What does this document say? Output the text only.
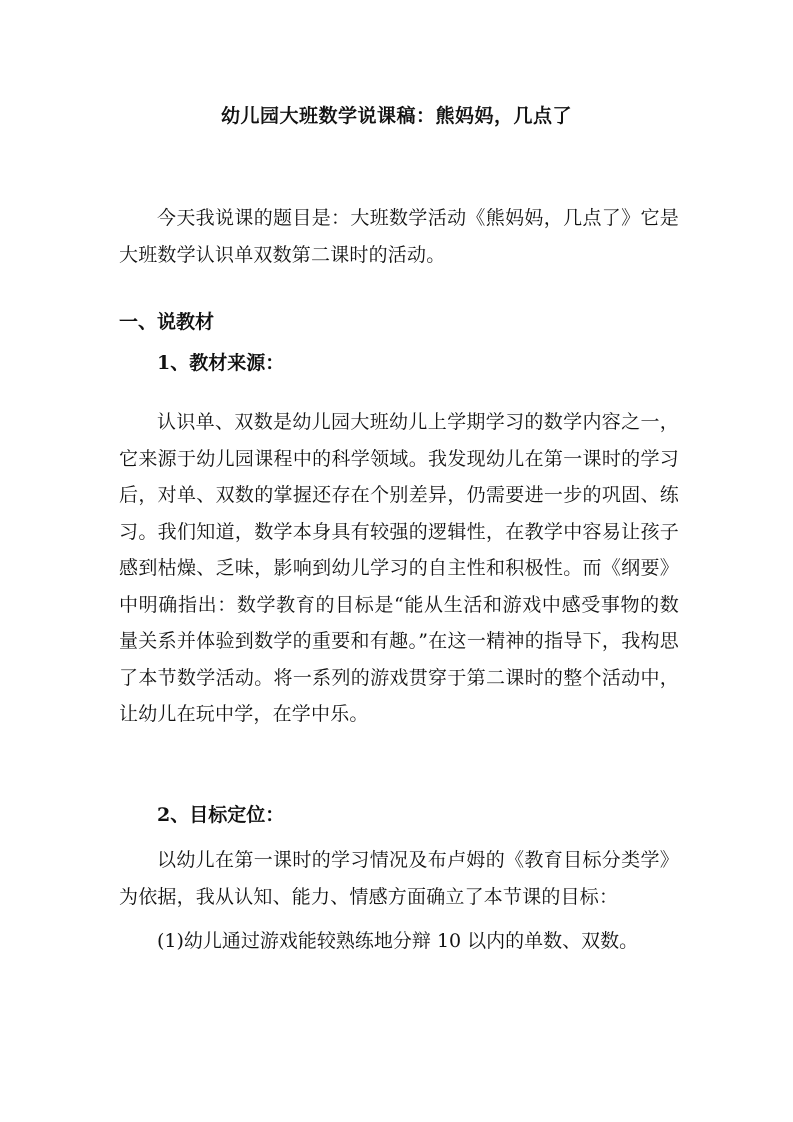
幼儿园大班数学说课稿：熊妈妈，几点了

今天我说课的题目是：大班数学活动《熊妈妈，几点了》它是大班数学认识单双数第二课时的活动。

一、说教材
1、教材来源：

认识单、双数是幼儿园大班幼儿上学期学习的数学内容之一，它来源于幼儿园课程中的科学领域。我发现幼儿在第一课时的学习后，对单、双数的掌握还存在个别差异，仍需要进一步的巩固、练习。我们知道，数学本身具有较强的逻辑性，在教学中容易让孩子感到枯燥、乏味，影响到幼儿学习的自主性和积极性。而《纲要》中明确指出：数学教育的目标是“能从生活和游戏中感受事物的数量关系并体验到数学的重要和有趣。”在这一精神的指导下，我构思了本节数学活动。将一系列的游戏贯穿于第二课时的整个活动中，让幼儿在玩中学，在学中乐。

2、目标定位：

以幼儿在第一课时的学习情况及布卢姆的《教育目标分类学》为依据，我从认知、能力、情感方面确立了本节课的目标：

(1)幼儿通过游戏能较熟练地分辩 10 以内的单数、双数。
